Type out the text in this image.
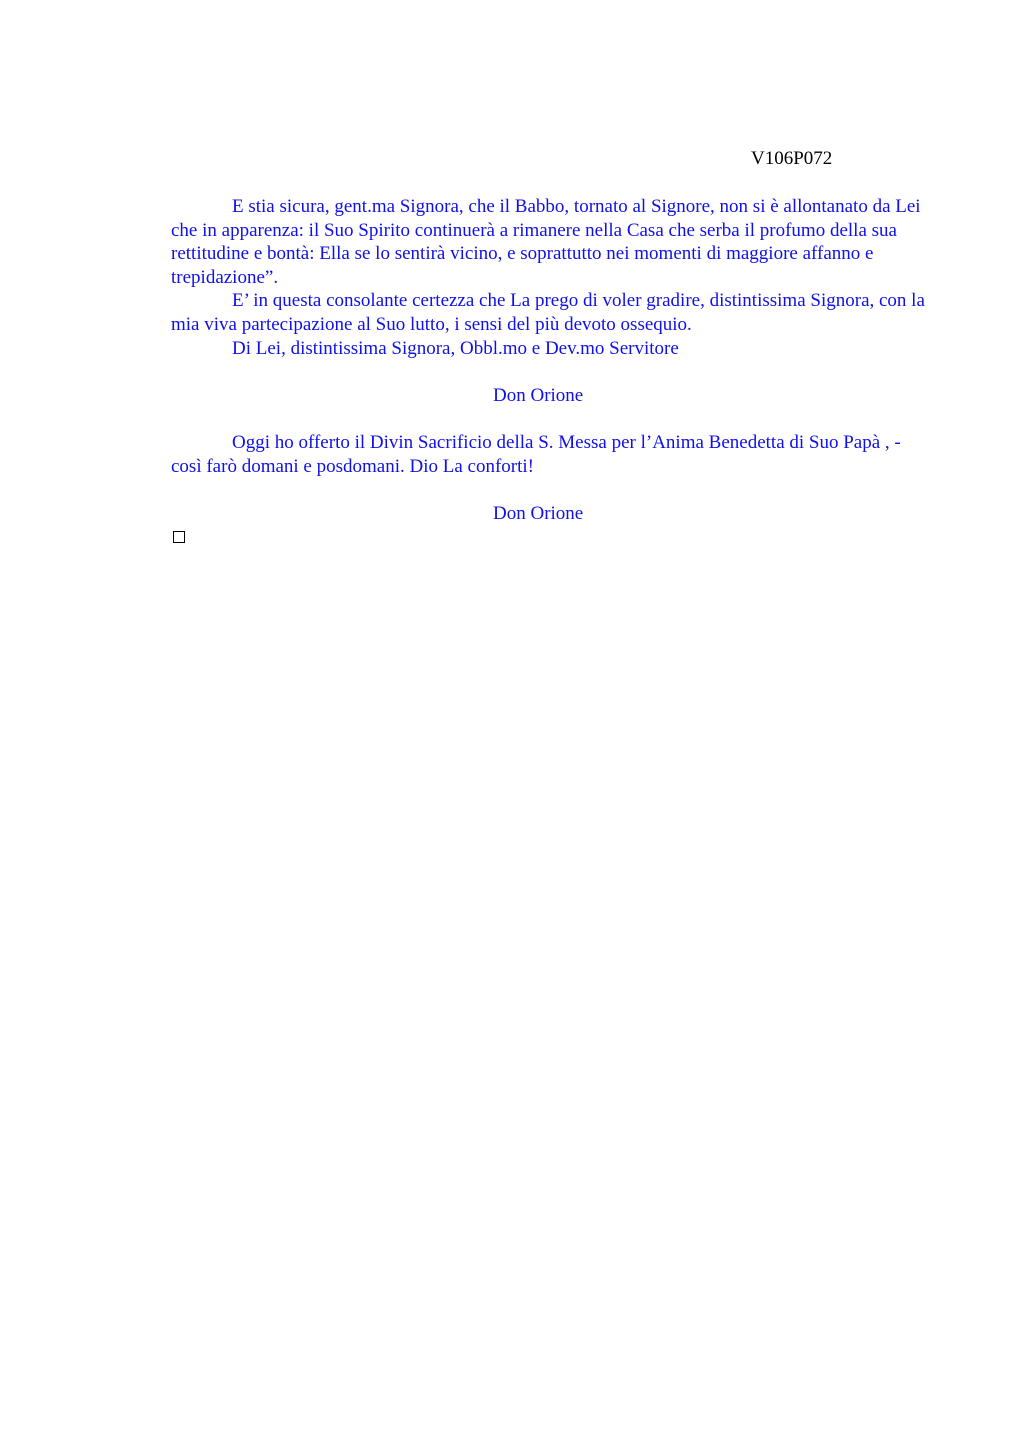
V106P072

E stia sicura, gent.ma Signora, che il Babbo, tornato al Signore, non si è allontanato da Lei che in apparenza: il Suo Spirito continuerà a rimanere nella Casa che serba il profumo della sua rettitudine e bontà: Ella se lo sentirà vicino, e soprattutto nei momenti di maggiore affanno e trepidazione”.

E’ in questa consolante certezza che La prego di voler gradire, distintissima Signora, con la mia viva partecipazione al Suo lutto, i sensi del più devoto ossequio.

Di Lei, distintissima Signora, Obbl.mo e Dev.mo Servitore

Don Orione

Oggi ho offerto il Divin Sacrificio della S. Messa per l’Anima Benedetta di Suo Papà , - così farò domani e posdomani. Dio La conforti!

Don Orione
